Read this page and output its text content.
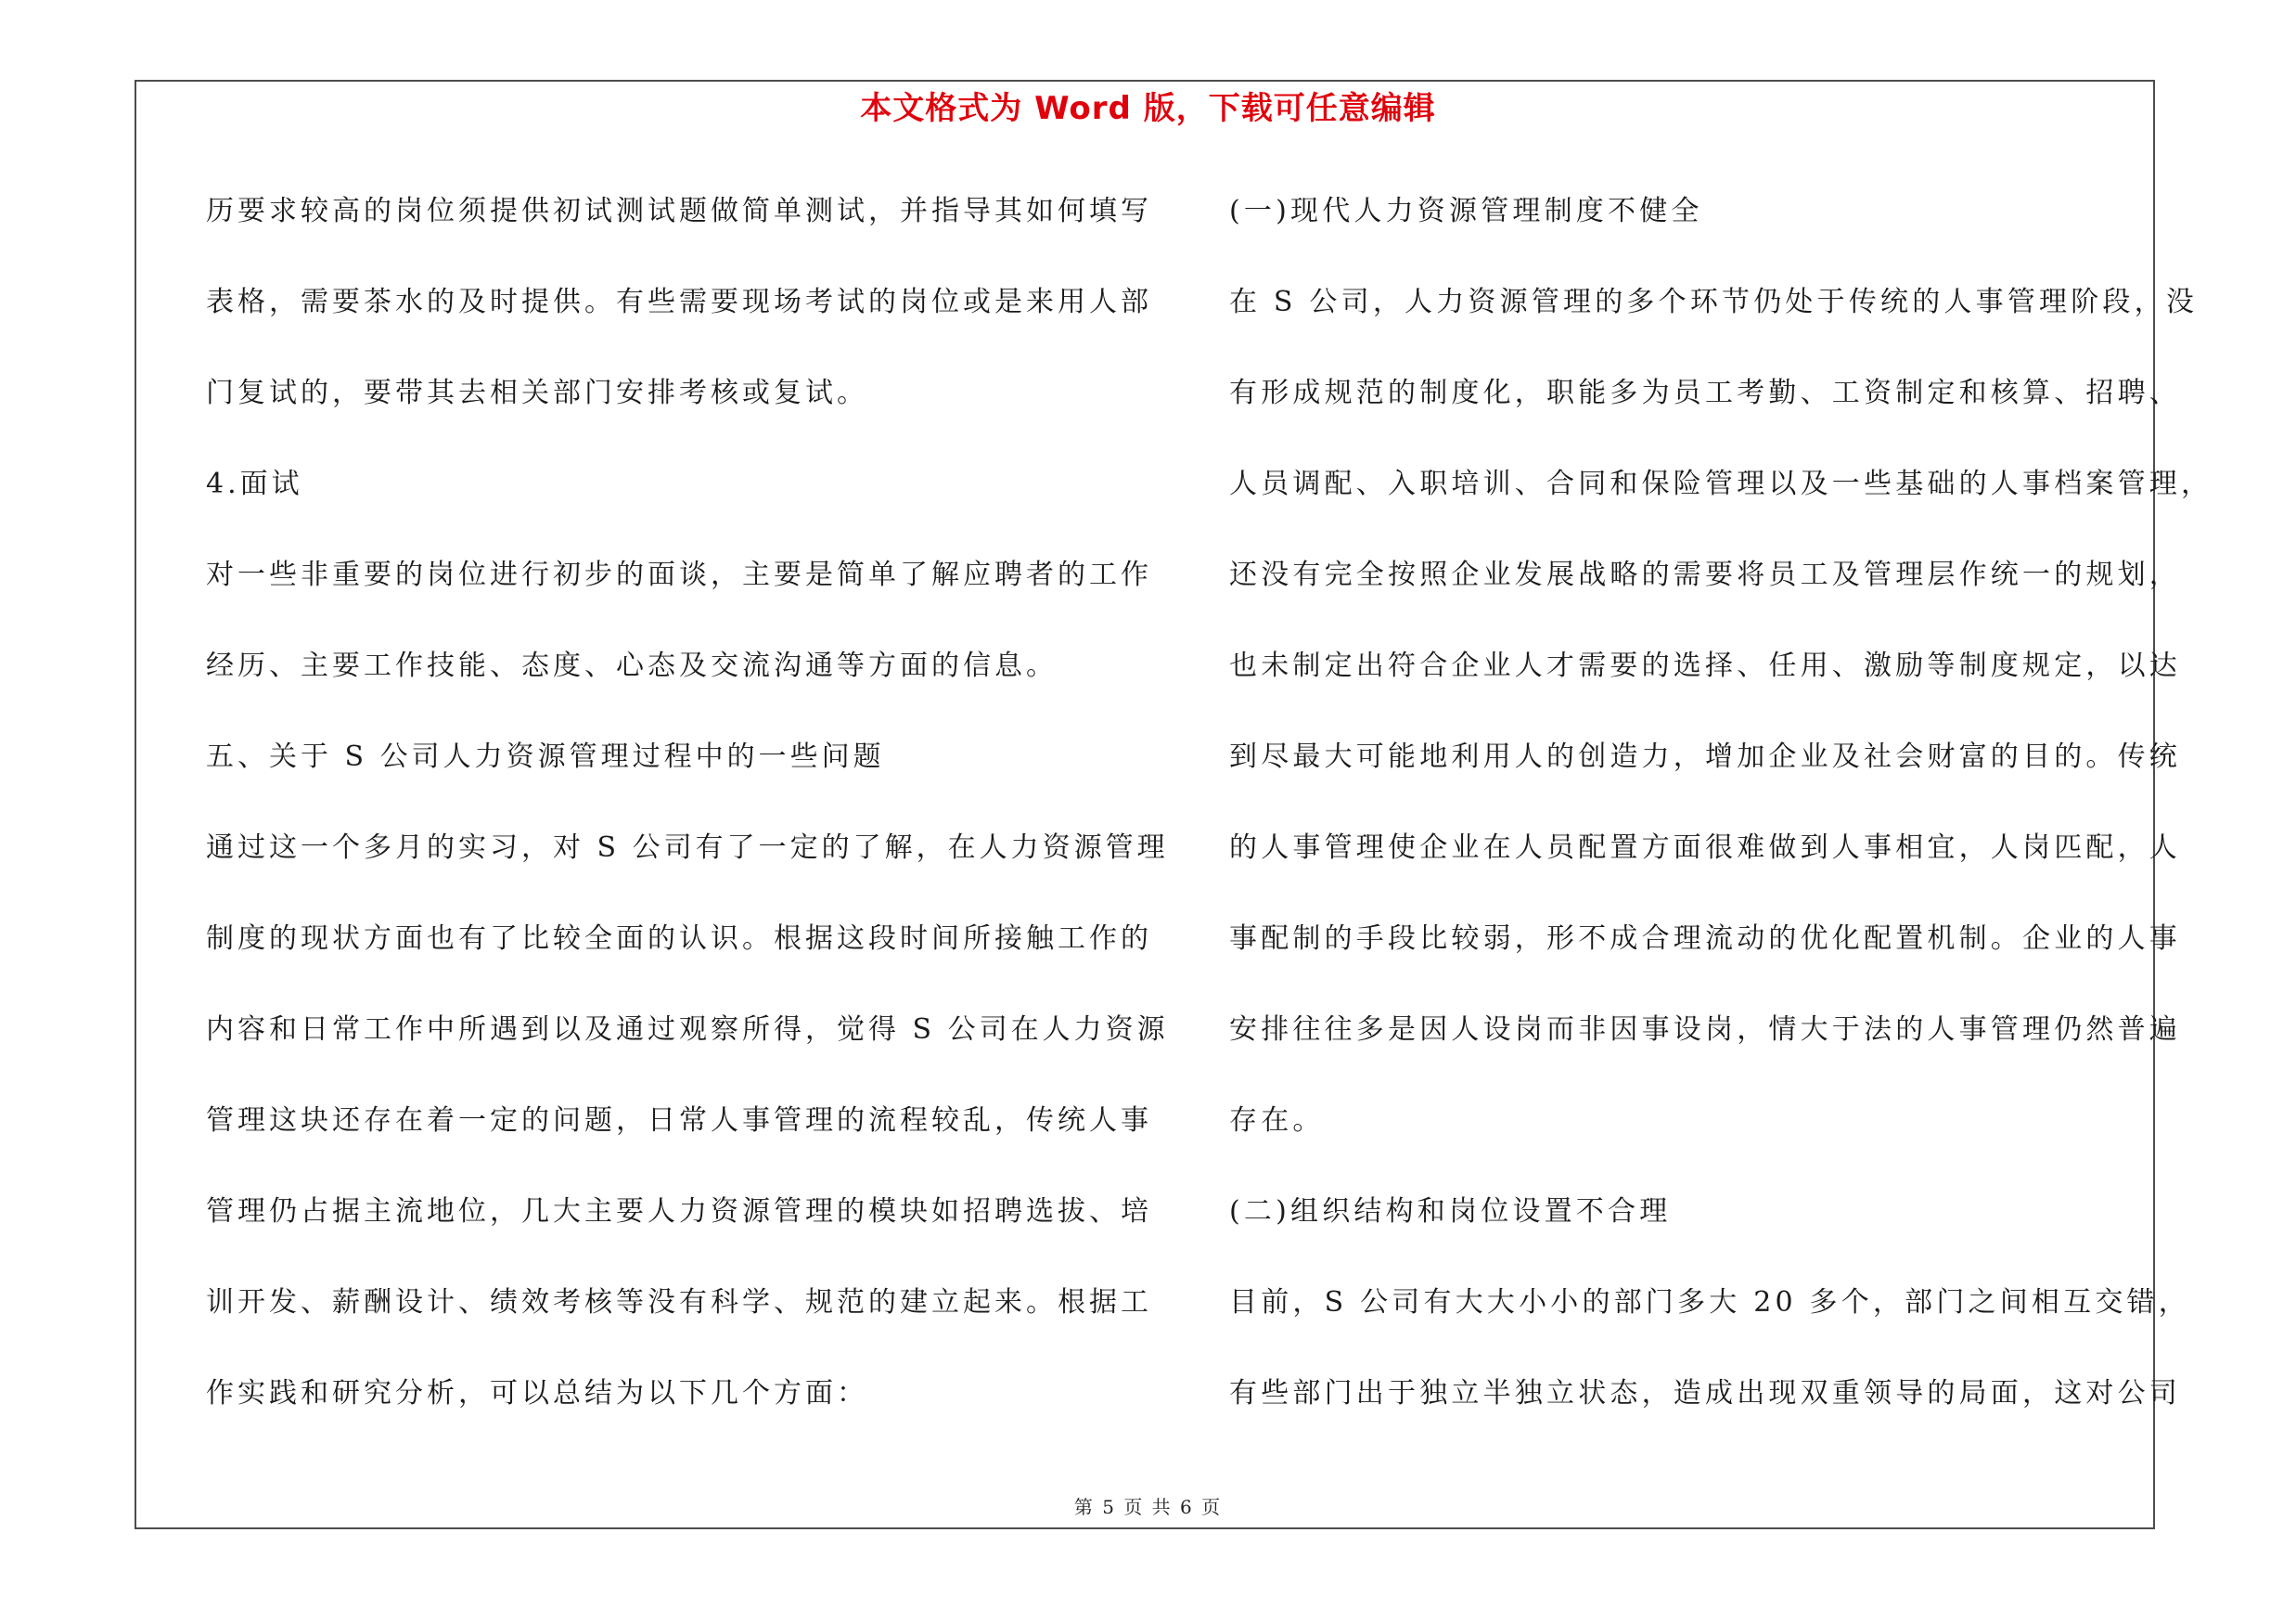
本文格式为 Word 版，下载可任意编辑
历要求较高的岗位须提供初试测试题做简单测试，并指导其如何填写
表格，需要茶水的及时提供。有些需要现场考试的岗位或是来用人部
门复试的，要带其去相关部门安排考核或复试。
4.面试
对一些非重要的岗位进行初步的面谈，主要是简单了解应聘者的工作
经历、主要工作技能、态度、心态及交流沟通等方面的信息。
五、关于 S 公司人力资源管理过程中的一些问题
通过这一个多月的实习，对 S 公司有了一定的了解，在人力资源管理
制度的现状方面也有了比较全面的认识。根据这段时间所接触工作的
内容和日常工作中所遇到以及通过观察所得，觉得 S 公司在人力资源
管理这块还存在着一定的问题，日常人事管理的流程较乱，传统人事
管理仍占据主流地位，几大主要人力资源管理的模块如招聘选拔、培
训开发、薪酬设计、绩效考核等没有科学、规范的建立起来。根据工
作实践和研究分析，可以总结为以下几个方面：
(一)现代人力资源管理制度不健全
在 S 公司，人力资源管理的多个环节仍处于传统的人事管理阶段，没
有形成规范的制度化，职能多为员工考勤、工资制定和核算、招聘、
人员调配、入职培训、合同和保险管理以及一些基础的人事档案管理，
还没有完全按照企业发展战略的需要将员工及管理层作统一的规划，
也未制定出符合企业人才需要的选择、任用、激励等制度规定，以达
到尽最大可能地利用人的创造力，增加企业及社会财富的目的。传统
的人事管理使企业在人员配置方面很难做到人事相宜，人岗匹配，人
事配制的手段比较弱，形不成合理流动的优化配置机制。企业的人事
安排往往多是因人设岗而非因事设岗，情大于法的人事管理仍然普遍
存在。
(二)组织结构和岗位设置不合理
目前，S 公司有大大小小的部门多大 20 多个，部门之间相互交错，
有些部门出于独立半独立状态，造成出现双重领导的局面，这对公司
第 5 页 共 6 页
